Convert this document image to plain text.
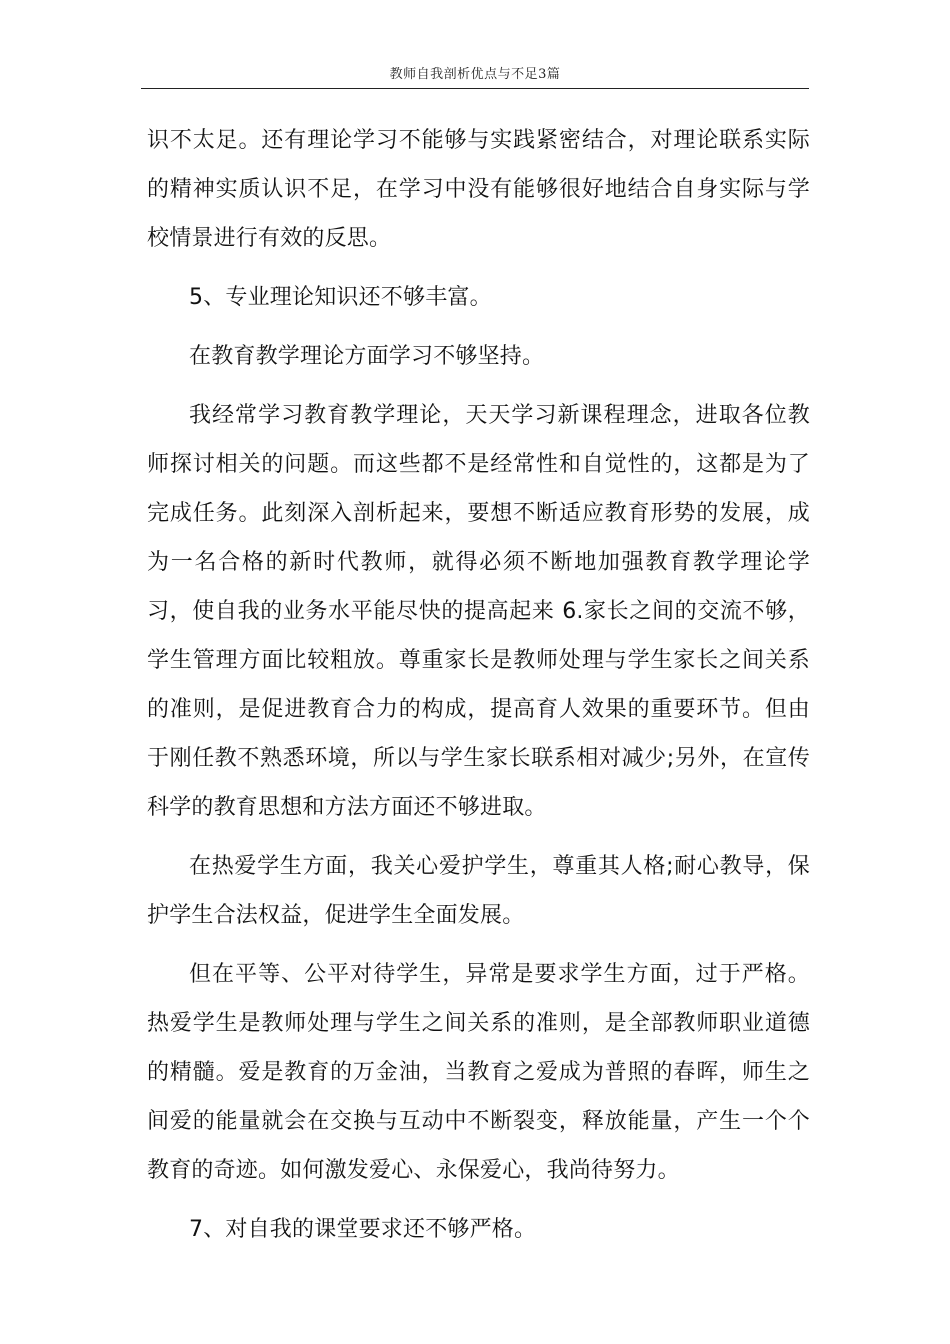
教师自我剖析优点与不足3篇

识不太足。还有理论学习不能够与实践紧密结合，对理论联系实际的精神实质认识不足，在学习中没有能够很好地结合自身实际与学校情景进行有效的反思。

5、专业理论知识还不够丰富。

在教育教学理论方面学习不够坚持。

我经常学习教育教学理论，天天学习新课程理念，进取各位教师探讨相关的问题。而这些都不是经常性和自觉性的，这都是为了完成任务。此刻深入剖析起来，要想不断适应教育形势的发展，成为一名合格的新时代教师，就得必须不断地加强教育教学理论学习，使自我的业务水平能尽快的提高起来 6.家长之间的交流不够，学生管理方面比较粗放。尊重家长是教师处理与学生家长之间关系的准则，是促进教育合力的构成，提高育人效果的重要环节。但由于刚任教不熟悉环境，所以与学生家长联系相对减少;另外，在宣传科学的教育思想和方法方面还不够进取。

在热爱学生方面，我关心爱护学生，尊重其人格;耐心教导，保护学生合法权益，促进学生全面发展。

但在平等、公平对待学生，异常是要求学生方面，过于严格。热爱学生是教师处理与学生之间关系的准则，是全部教师职业道德的精髓。爱是教育的万金油，当教育之爱成为普照的春晖，师生之间爱的能量就会在交换与互动中不断裂变，释放能量，产生一个个教育的奇迹。如何激发爱心、永保爱心，我尚待努力。

7、对自我的课堂要求还不够严格。
